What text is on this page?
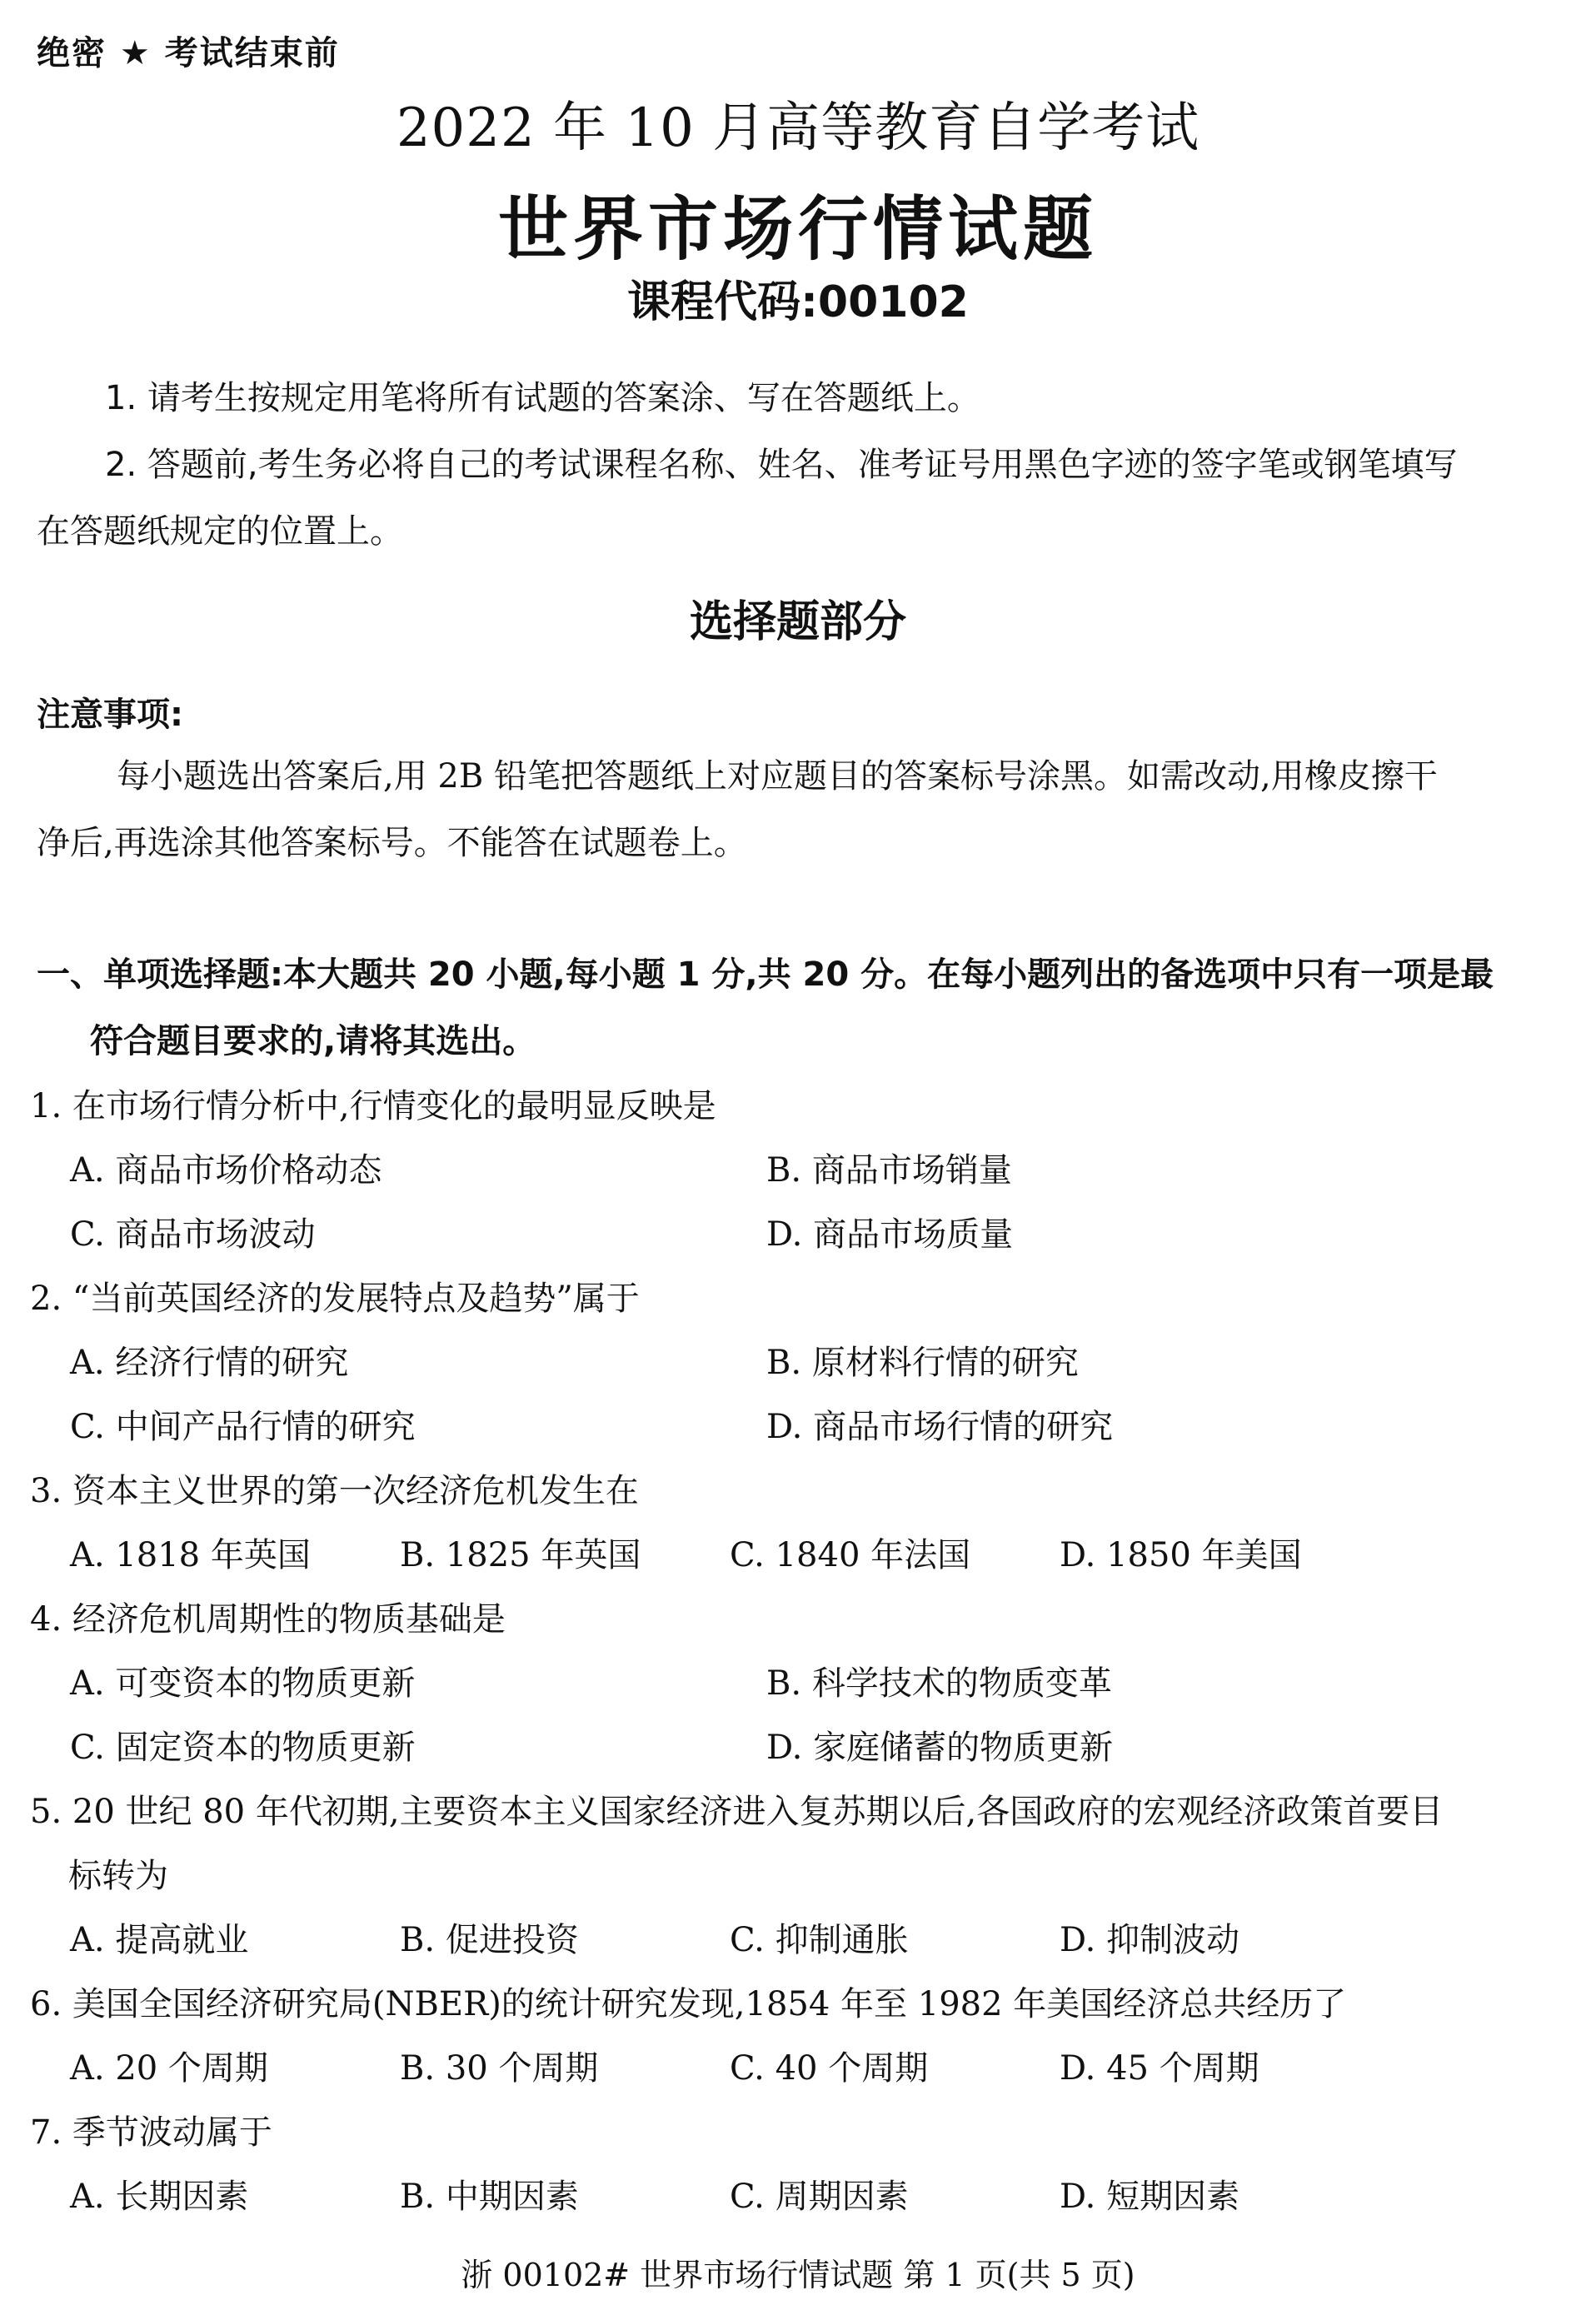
绝密 ★ 考试结束前
2022 年 10 月高等教育自学考试
世界市场行情试题
课程代码:00102
1. 请考生按规定用笔将所有试题的答案涂、写在答题纸上。
2. 答题前,考生务必将自己的考试课程名称、姓名、准考证号用黑色字迹的签字笔或钢笔填写
在答题纸规定的位置上。
选择题部分
注意事项:
每小题选出答案后,用 2B 铅笔把答题纸上对应题目的答案标号涂黑。如需改动,用橡皮擦干
净后,再选涂其他答案标号。不能答在试题卷上。
一、单项选择题:本大题共 20 小题,每小题 1 分,共 20 分。在每小题列出的备选项中只有一项是最
符合题目要求的,请将其选出。
1. 在市场行情分析中,行情变化的最明显反映是
A. 商品市场价格动态	B. 商品市场销量
C. 商品市场波动	D. 商品市场质量
2. “当前英国经济的发展特点及趋势”属于
A. 经济行情的研究	B. 原材料行情的研究
C. 中间产品行情的研究	D. 商品市场行情的研究
3. 资本主义世界的第一次经济危机发生在
A. 1818 年英国	B. 1825 年英国	C. 1840 年法国	D. 1850 年美国
4. 经济危机周期性的物质基础是
A. 可变资本的物质更新	B. 科学技术的物质变革
C. 固定资本的物质更新	D. 家庭储蓄的物质更新
5. 20 世纪 80 年代初期,主要资本主义国家经济进入复苏期以后,各国政府的宏观经济政策首要目
标转为
A. 提高就业	B. 促进投资	C. 抑制通胀	D. 抑制波动
6. 美国全国经济研究局(NBER)的统计研究发现,1854 年至 1982 年美国经济总共经历了
A. 20 个周期	B. 30 个周期	C. 40 个周期	D. 45 个周期
7. 季节波动属于
A. 长期因素	B. 中期因素	C. 周期因素	D. 短期因素
浙 00102# 世界市场行情试题 第 1 页(共 5 页)
